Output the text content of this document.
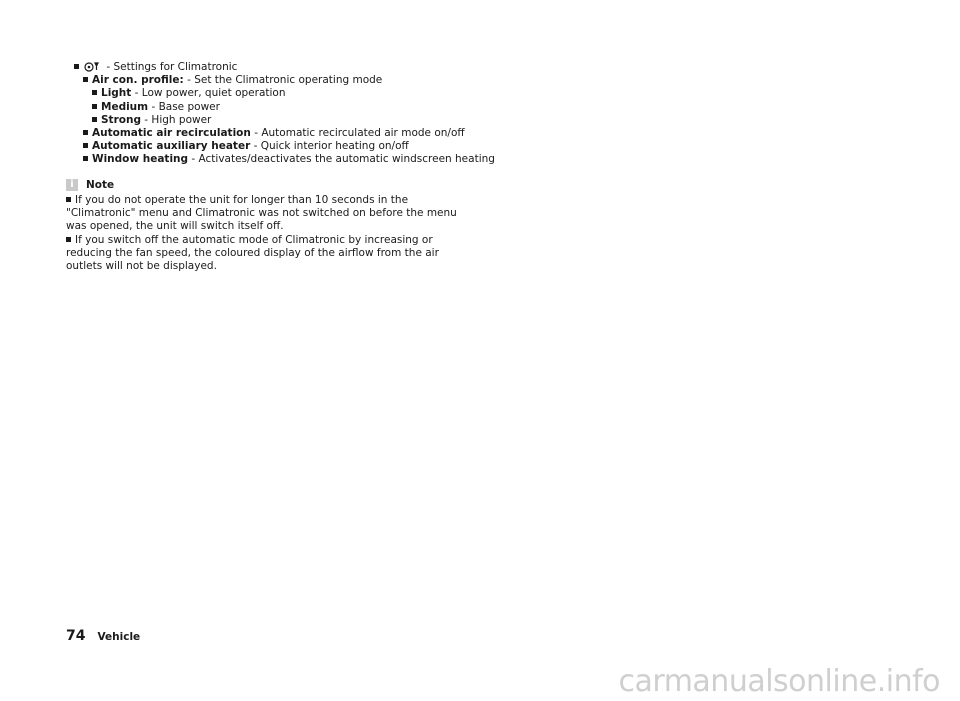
- Settings for Climatronic
Air con. profile: - Set the Climatronic operating mode
Light - Low power, quiet operation
Medium - Base power
Strong - High power
Automatic air recirculation - Automatic recirculated air mode on/off
Automatic auxiliary heater - Quick interior heating on/off
Window heating - Activates/deactivates the automatic windscreen heating
i	Note

If you do not operate the unit for longer than 10 seconds in the "Climatronic" menu and Climatronic was not switched on before the menu was opened, the unit will switch itself off.

If you switch off the automatic mode of Climatronic by increasing or reducing the fan speed, the coloured display of the airflow from the air outlets will not be displayed.

74 Vehicle
carmanualsonline.info
